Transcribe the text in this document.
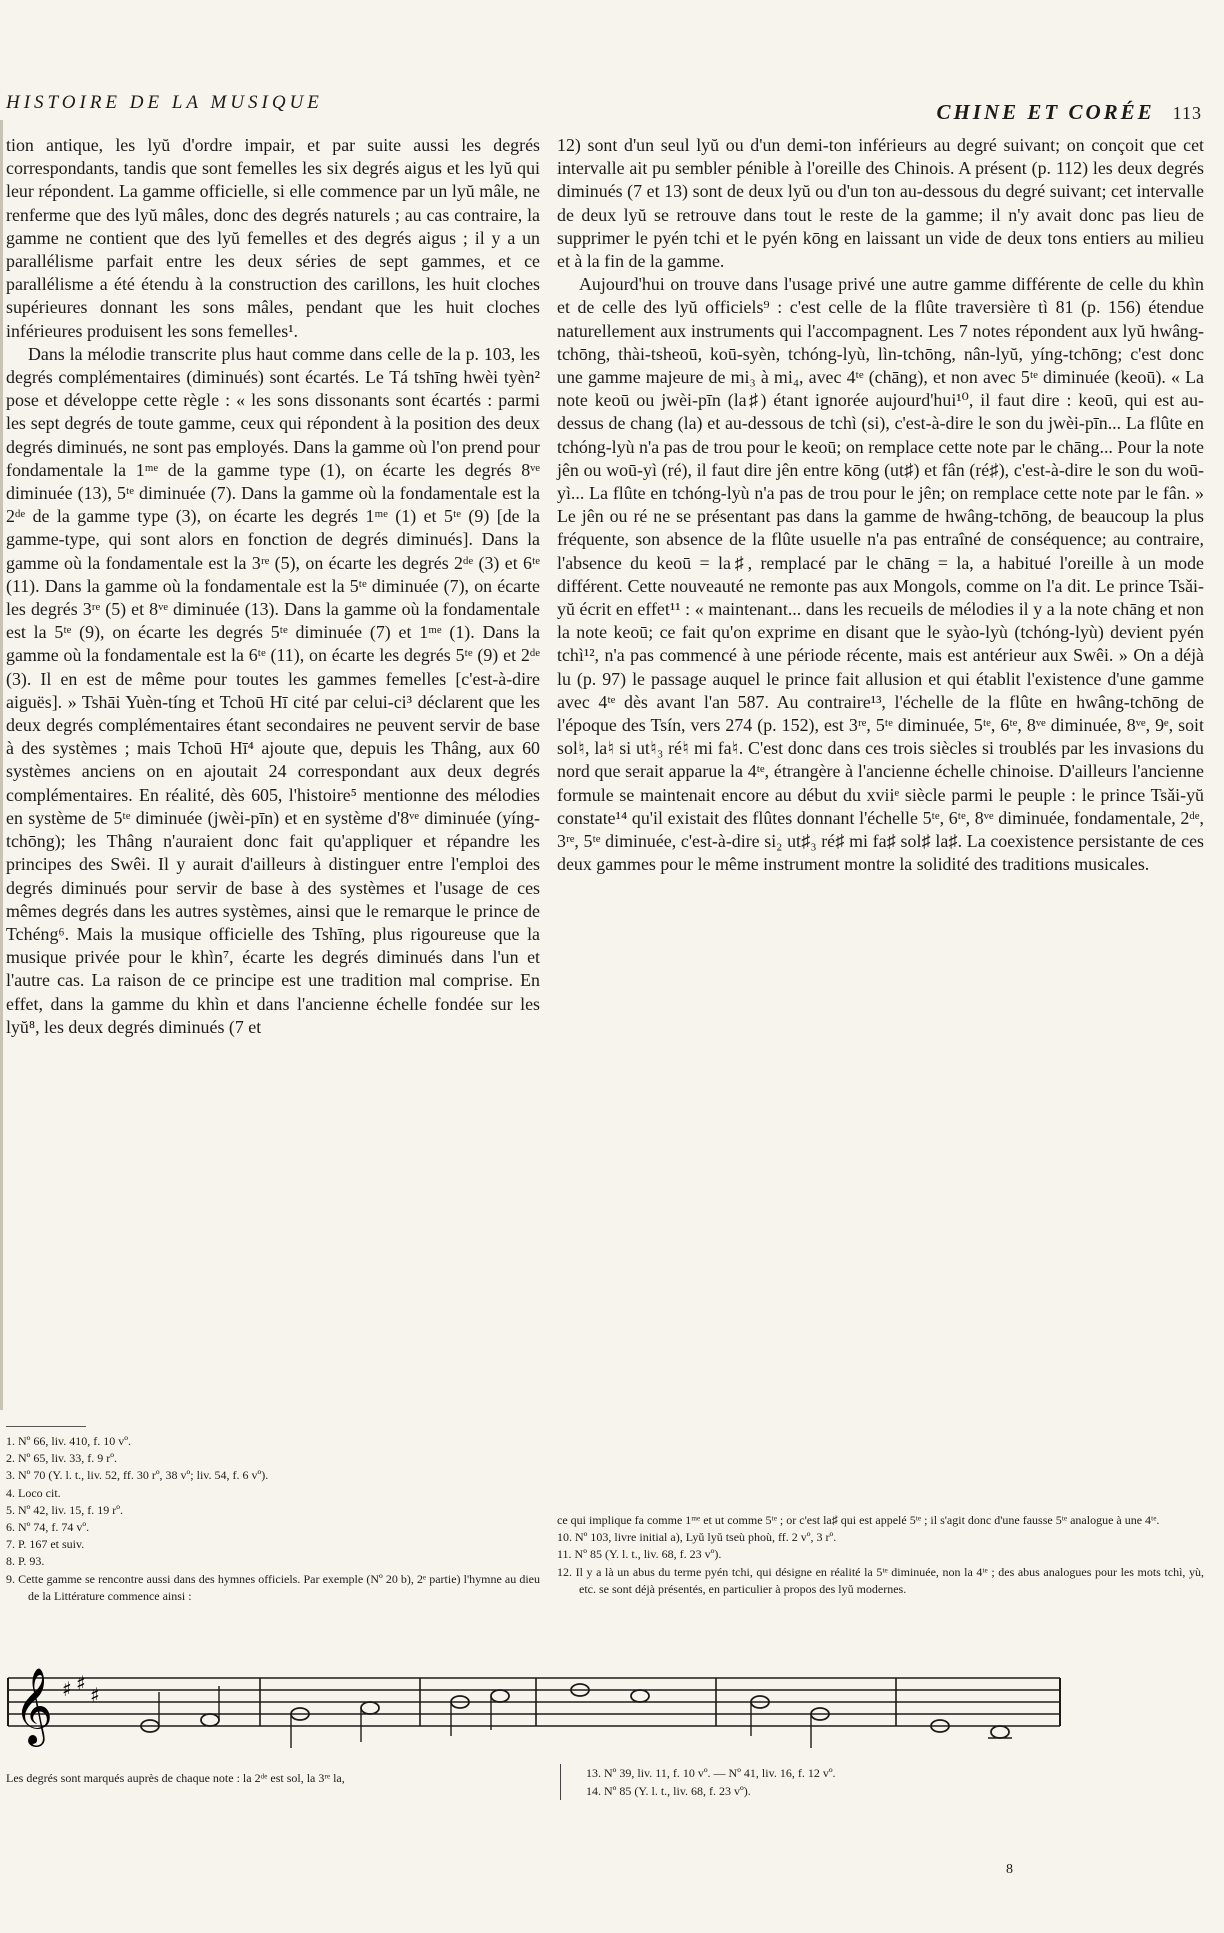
HISTOIRE DE LA MUSIQUE	CHINE ET CORÉE 113

tion antique, les lyŭ d'ordre impair, et par suite aussi les degrés correspondants, tandis que sont femelles les six degrés aigus et les lyŭ qui leur répondent. La gamme officielle, si elle commence par un lyŭ mâle, ne renferme que des lyŭ mâles, donc des degrés naturels ; au cas contraire, la gamme ne contient que des lyŭ femelles et des degrés aigus ; il y a un parallélisme parfait entre les deux séries de sept gammes, et ce parallélisme a été étendu à la construction des carillons, les huit cloches supérieures donnant les sons mâles, pendant que les huit cloches inférieures produisent les sons femelles¹.

Dans la mélodie transcrite plus haut comme dans celle de la p. 103, les degrés complémentaires (diminués) sont écartés. Le Tá tshīng hwèi tyèn² pose et développe cette règle : « les sons dissonants sont écartés : parmi les sept degrés de toute gamme, ceux qui répondent à la position des deux degrés diminués, ne sont pas employés. Dans la gamme où l'on prend pour fondamentale la 1ᵐᵉ de la gamme type (1), on écarte les degrés 8ᵛᵉ diminuée (13), 5ᵗᵉ diminuée (7). Dans la gamme où la fondamentale est la 2ᵈᵉ de la gamme type (3), on écarte les degrés 1ᵐᵉ (1) et 5ᵗᵉ (9) [de la gamme-type, qui sont alors en fonction de degrés diminués]. Dans la gamme où la fondamentale est la 3ʳᵉ (5), on écarte les degrés 2ᵈᵉ (3) et 6ᵗᵉ (11). Dans la gamme où la fondamentale est la 5ᵗᵉ diminuée (7), on écarte les degrés 3ʳᵉ (5) et 8ᵛᵉ diminuée (13). Dans la gamme où la fondamentale est la 5ᵗᵉ (9), on écarte les degrés 5ᵗᵉ diminuée (7) et 1ᵐᵉ (1). Dans la gamme où la fondamentale est la 6ᵗᵉ (11), on écarte les degrés 5ᵗᵉ (9) et 2ᵈᵉ (3). Il en est de même pour toutes les gammes femelles [c'est-à-dire aiguës]. » Tshāi Yuèn-tíng et Tchoū Hī cité par celui-ci³ déclarent que les deux degrés complémentaires étant secondaires ne peuvent servir de base à des systèmes ; mais Tchoū Hī⁴ ajoute que, depuis les Thâng, aux 60 systèmes anciens on en ajoutait 24 correspondant aux deux degrés complémentaires. En réalité, dès 605, l'histoire⁵ mentionne des mélodies en système de 5ᵗᵉ diminuée (jwèi-pīn) et en système d'8ᵛᵉ diminuée (yíng-tchōng); les Thâng n'auraient donc fait qu'appliquer et répandre les principes des Swêi. Il y aurait d'ailleurs à distinguer entre l'emploi des degrés diminués pour servir de base à des systèmes et l'usage de ces mêmes degrés dans les autres systèmes, ainsi que le remarque le prince de Tchéng⁶. Mais la musique officielle des Tshīng, plus rigoureuse que la musique privée pour le khìn⁷, écarte les degrés diminués dans l'un et l'autre cas. La raison de ce principe est une tradition mal comprise. En effet, dans la gamme du khìn et dans l'ancienne échelle fondée sur les lyŭ⁸, les deux degrés diminués (7 et

12) sont d'un seul lyŭ ou d'un demi-ton inférieurs au degré suivant; on conçoit que cet intervalle ait pu sembler pénible à l'oreille des Chinois. A présent (p. 112) les deux degrés diminués (7 et 13) sont de deux lyŭ ou d'un ton au-dessous du degré suivant; cet intervalle de deux lyŭ se retrouve dans tout le reste de la gamme; il n'y avait donc pas lieu de supprimer le pyén tchi et le pyén kōng en laissant un vide de deux tons entiers au milieu et à la fin de la gamme.

Aujourd'hui on trouve dans l'usage privé une autre gamme différente de celle du khìn et de celle des lyŭ officiels⁹ : c'est celle de la flûte traversière tì 81 (p. 156) étendue naturellement aux instruments qui l'accompagnent. Les 7 notes répondent aux lyŭ hwâng-tchōng, thài-tsheoū, koū-syèn, tchóng-lyù, lìn-tchōng, nân-lyŭ, yíng-tchōng; c'est donc une gamme majeure de mi₃ à mi₄, avec 4ᵗᵉ (chāng), et non avec 5ᵗᵉ diminuée (keoū). « La note keoū ou jwèi-pīn (la♯) étant ignorée aujourd'hui¹⁰, il faut dire : keoū, qui est au-dessus de chang (la) et au-dessous de tchì (si), c'est-à-dire le son du jwèi-pīn... La flûte en tchóng-lyù n'a pas de trou pour le keoū; on remplace cette note par le chāng... Pour la note jên ou woū-yì (ré), il faut dire jên entre kōng (ut♯) et fân (ré♯), c'est-à-dire le son du woū-yì... La flûte en tchóng-lyù n'a pas de trou pour le jên; on remplace cette note par le fân. » Le jên ou ré ne se présentant pas dans la gamme de hwâng-tchōng, de beaucoup la plus fréquente, son absence de la flûte usuelle n'a pas entraîné de conséquence; au contraire, l'absence du keoū = la♯, remplacé par le chāng = la, a habitué l'oreille à un mode différent. Cette nouveauté ne remonte pas aux Mongols, comme on l'a dit. Le prince Tsǎi-yŭ écrit en effet¹¹ : « maintenant... dans les recueils de mélodies il y a la note chāng et non la note keoū; ce fait qu'on exprime en disant que le syào-lyù (tchóng-lyù) devient pyén tchì¹², n'a pas commencé à une période récente, mais est antérieur aux Swêi. » On a déjà lu (p. 97) le passage auquel le prince fait allusion et qui établit l'existence d'une gamme avec 4ᵗᵉ dès avant l'an 587. Au contraire¹³, l'échelle de la flûte en hwâng-tchōng de l'époque des Tsín, vers 274 (p. 152), est 3ʳᵉ, 5ᵗᵉ diminuée, 5ᵗᵉ, 6ᵗᵉ, 8ᵛᵉ diminuée, 8ᵛᵉ, 9ᵉ, soit sol♮, la♮ si ut♮₃ ré♮ mi fa♮. C'est donc dans ces trois siècles si troublés par les invasions du nord que serait apparue la 4ᵗᵉ, étrangère à l'ancienne échelle chinoise. D'ailleurs l'ancienne formule se maintenait encore au début du xviiᵉ siècle parmi le peuple : le prince Tsǎi-yŭ constate¹⁴ qu'il existait des flûtes donnant l'échelle 5ᵗᵉ, 6ᵗᵉ, 8ᵛᵉ diminuée, fondamentale, 2ᵈᵉ, 3ʳᵉ, 5ᵗᵉ diminuée, c'est-à-dire si₂ ut♯₃ ré♯ mi fa♯ sol♯ la♯. La coexistence persistante de ces deux gammes pour le même instrument montre la solidité des traditions musicales.

1. Nº 66, liv. 410, f. 10 vº.
2. Nº 65, liv. 33, f. 9 rº.
3. Nº 70 (Y. l. t., liv. 52, ff. 30 rº, 38 vº; liv. 54, f. 6 vº).
4. Loco cit.
5. Nº 42, liv. 15, f. 19 rº.
6. Nº 74, f. 74 vº.
7. P. 167 et suiv.
8. P. 93.
9. Cette gamme se rencontre aussi dans des hymnes officiels. Par exemple (Nº 20 b), 2ᵉ partie) l'hymne au dieu de la Littérature commence ainsi :
ce qui implique fa comme 1ᵐᵉ et ut comme 5ᵗᵉ ; or c'est la♯ qui est appelé 5ᵗᵉ ; il s'agit donc d'une fausse 5ᵗᵉ analogue à une 4ᵗᵉ.
10. Nº 103, livre initial a), Lyŭ lyŭ tseù phoù, ff. 2 vº, 3 rº.
11. Nº 85 (Y. l. t., liv. 68, f. 23 vº).
12. Il y a là un abus du terme pyén tchi, qui désigne en réalité la 5ᵗᵉ diminuée, non la 4ᵗᵉ ; des abus analogues pour les mots tchì, yù, etc. se sont déjà présentés, en particulier à propos des lyŭ modernes.
𝄞 ♯ ♯ ♯
Les degrés sont marqués auprès de chaque note : la 2ᵈᵉ est sol, la 3ʳᵉ la,	13. Nº 39, liv. 11, f. 10 vº. — Nº 41, liv. 16, f. 12 vº.
14. Nº 85 (Y. l. t., liv. 68, f. 23 vº).
8
